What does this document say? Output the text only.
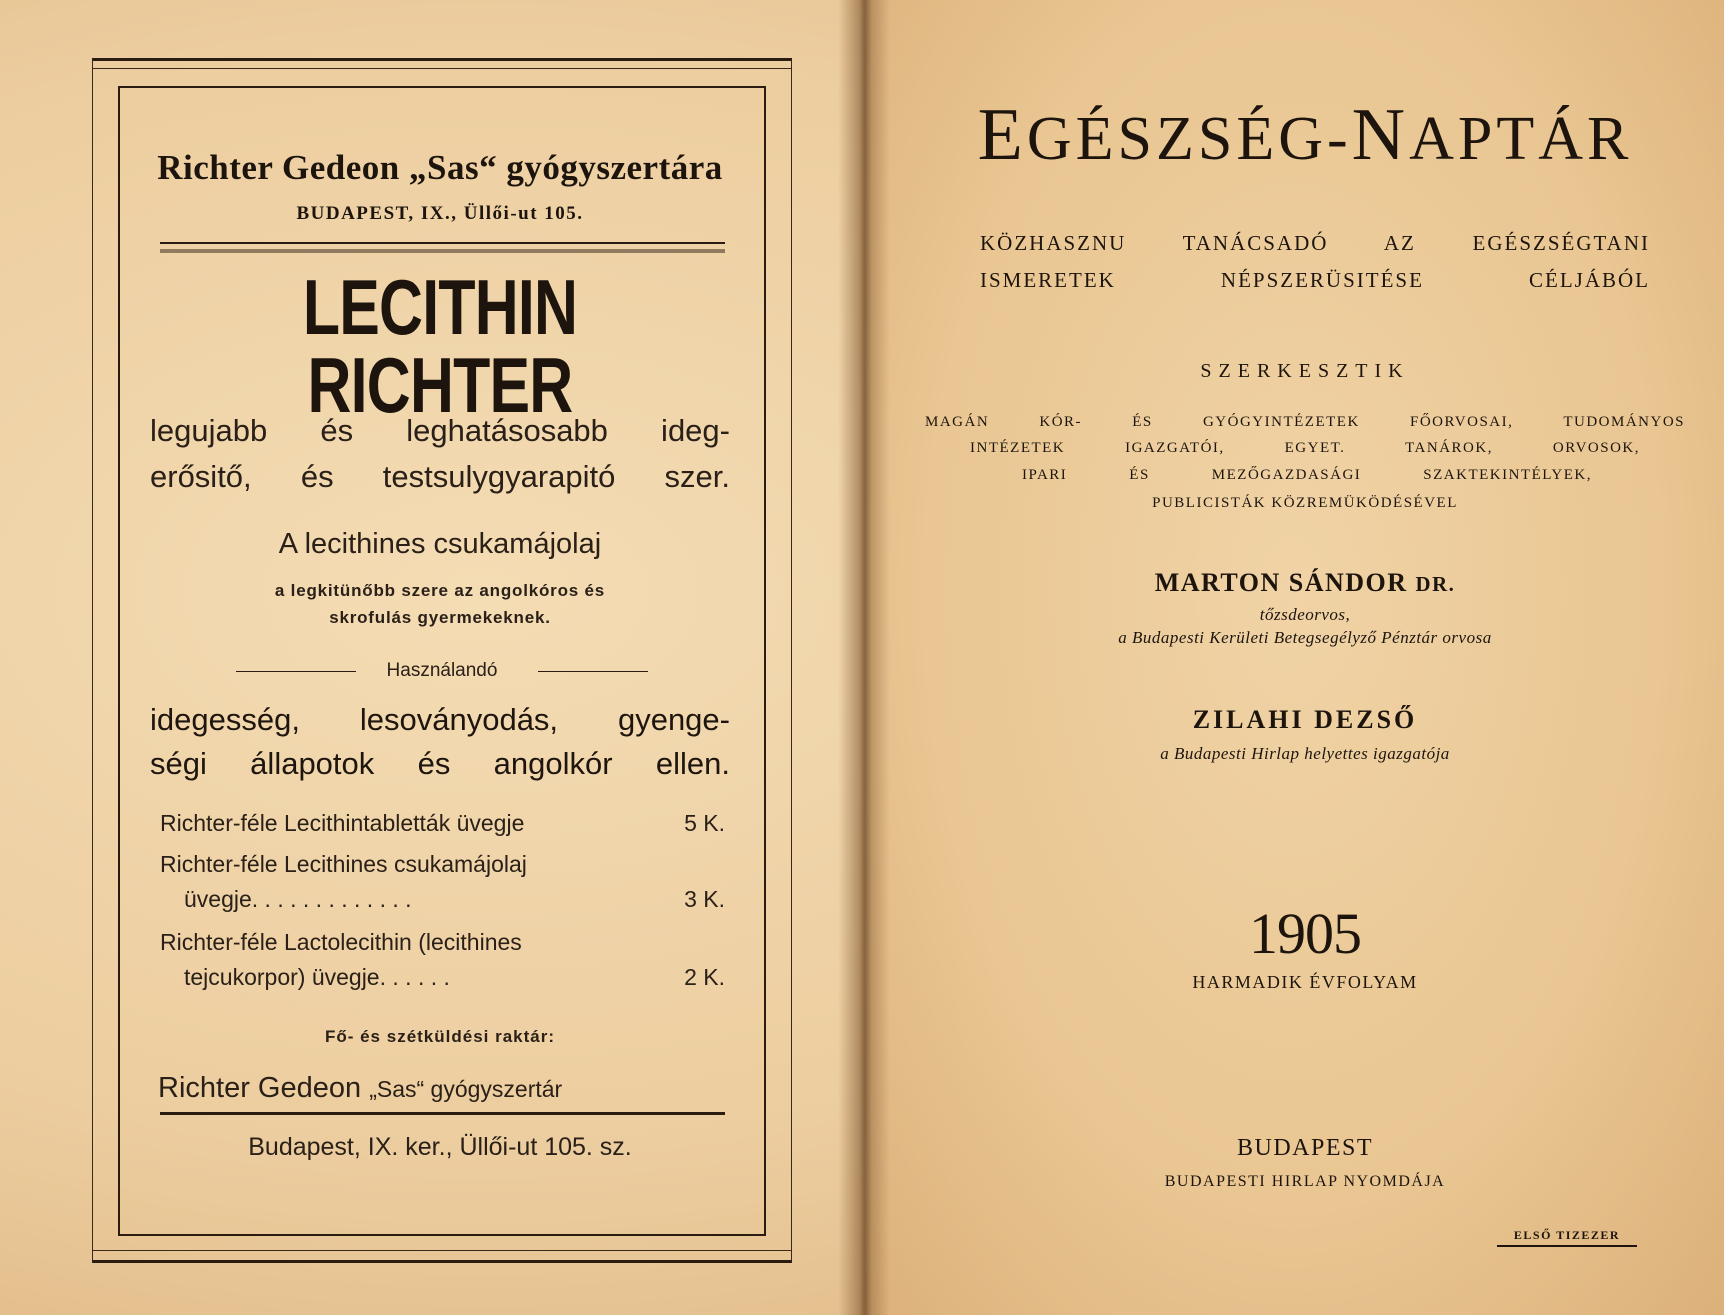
Richter Gedeon „Sas“ gyógyszertára
BUDAPEST, IX., Üllői-ut 105.
LECITHIN RICHTER
legujabb és leghatásosabb ideg-
erősitő, és testsulygyarapitó szer.
A lecithines csukamájolaj
a legkitünőbb szere az angolkóros és
skrofulás gyermekeknek.
Használandó
idegesség, lesoványodás, gyenge-
ségi állapotok és angolkór ellen.
Richter-féle Lecithintabletták üvegje	5 K.
Richter-féle Lecithines csukamájolaj
üvegje. . . . . . . . . . . . .	3 K.
Richter-féle Lactolecithin (lecithines
tejcukorpor) üvegje. . . . . .	2 K.
Fő- és szétküldési raktár:
Richter Gedeon „Sas“ gyógyszertár
Budapest, IX. ker., Üllői-ut 105. sz.
EGÉSZSÉG-NAPTÁR
KÖZHASZNU TANÁCSADÓ AZ EGÉSZSÉGTANI
ISMERETEK NÉPSZERÜSITÉSE CÉLJÁBÓL
SZERKESZTIK
MAGÁN KÓR- ÉS GYÓGYINTÉZETEK FŐORVOSAI, TUDOMÁNYOS
INTÉZETEK IGAZGATÓI, EGYET. TANÁROK, ORVOSOK,
IPARI ÉS MEZŐGAZDASÁGI SZAKTEKINTÉLYEK,
PUBLICISTÁK KÖZREMÜKÖDÉSÉVEL
MARTON SÁNDOR DR.
tőzsdeorvos,
a Budapesti Kerületi Betegsegélyző Pénztár orvosa
ZILAHI DEZSŐ
a Budapesti Hirlap helyettes igazgatója
1905
HARMADIK ÉVFOLYAM
BUDAPEST
BUDAPESTI HIRLAP NYOMDÁJA
ELSŐ TIZEZER
